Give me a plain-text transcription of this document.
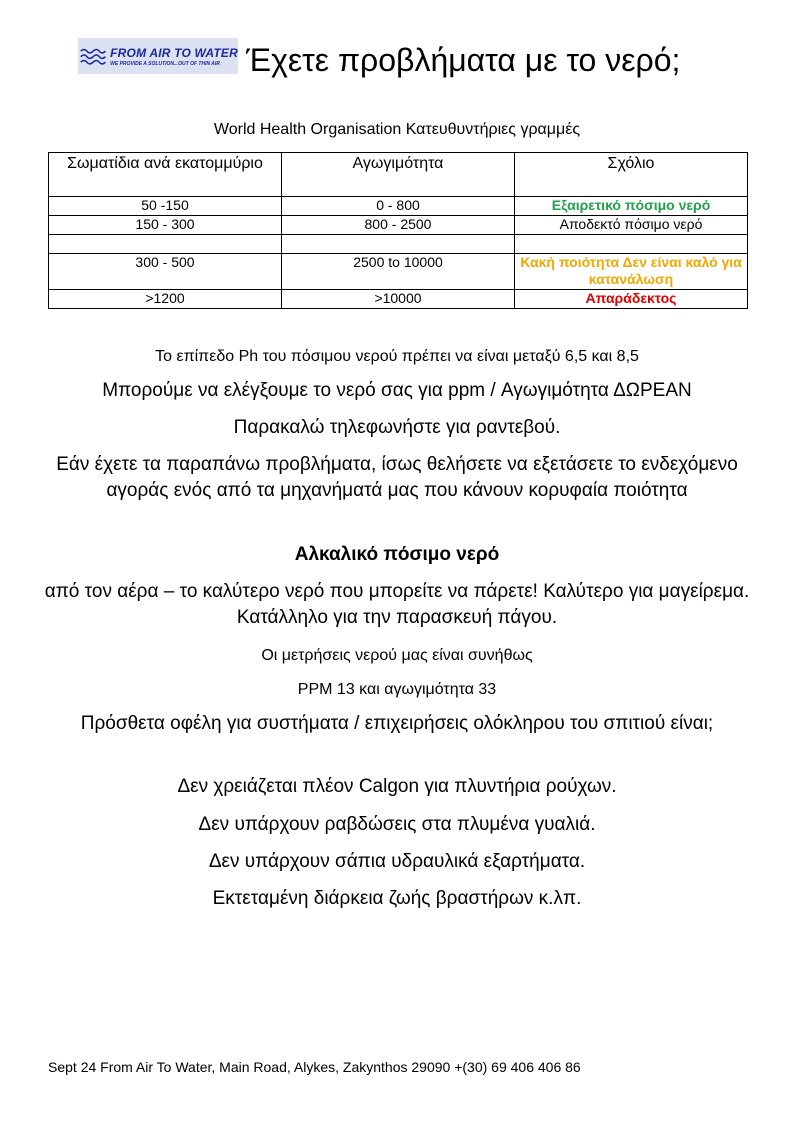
FROM AIR TO WATER
WE PROVIDE A SOLUTION...OUT OF THIN AIR Έχετε προβλήματα με το νερό;
World Health Organisation Κατευθυντήριες γραμμές
Σωματίδια ανά εκατομμύριο	Αγωγιμότητα	Σχόλιο
50 -150	0 - 800	Εξαιρετικό πόσιμο νερό
150 - 300	800 - 2500	Αποδεκτό πόσιμο νερό

300 - 500	2500 to 10000	Κακή ποιότητα Δεν είναι καλό για κατανάλωση
>1200	>10000	Απαράδεκτος
Το επίπεδο Ph του πόσιμου νερού πρέπει να είναι μεταξύ 6,5 και 8,5
Μπορούμε να ελέγξουμε το νερό σας για ppm / Αγωγιμότητα ΔΩΡΕΑΝ
Παρακαλώ τηλεφωνήστε για ραντεβού.
Εάν έχετε τα παραπάνω προβλήματα, ίσως θελήσετε να εξετάσετε το ενδεχόμενο αγοράς ενός από τα μηχανήματά μας που κάνουν κορυφαία ποιότητα
Αλκαλικό πόσιμο νερό
από τον αέρα – το καλύτερο νερό που μπορείτε να πάρετε! Καλύτερο για μαγείρεμα. Κατάλληλο για την παρασκευή πάγου.
Οι μετρήσεις νερού μας είναι συνήθως
PPM 13 και αγωγιμότητα 33
Πρόσθετα οφέλη για συστήματα / επιχειρήσεις ολόκληρου του σπιτιού είναι;
Δεν χρειάζεται πλέον Calgon για πλυντήρια ρούχων.
Δεν υπάρχουν ραβδώσεις στα πλυμένα γυαλιά.
Δεν υπάρχουν σάπια υδραυλικά εξαρτήματα.
Εκτεταμένη διάρκεια ζωής βραστήρων κ.λπ.
Sept 24 From Air To Water, Main Road, Alykes, Zakynthos 29090 +(30) 69 406 406 86
